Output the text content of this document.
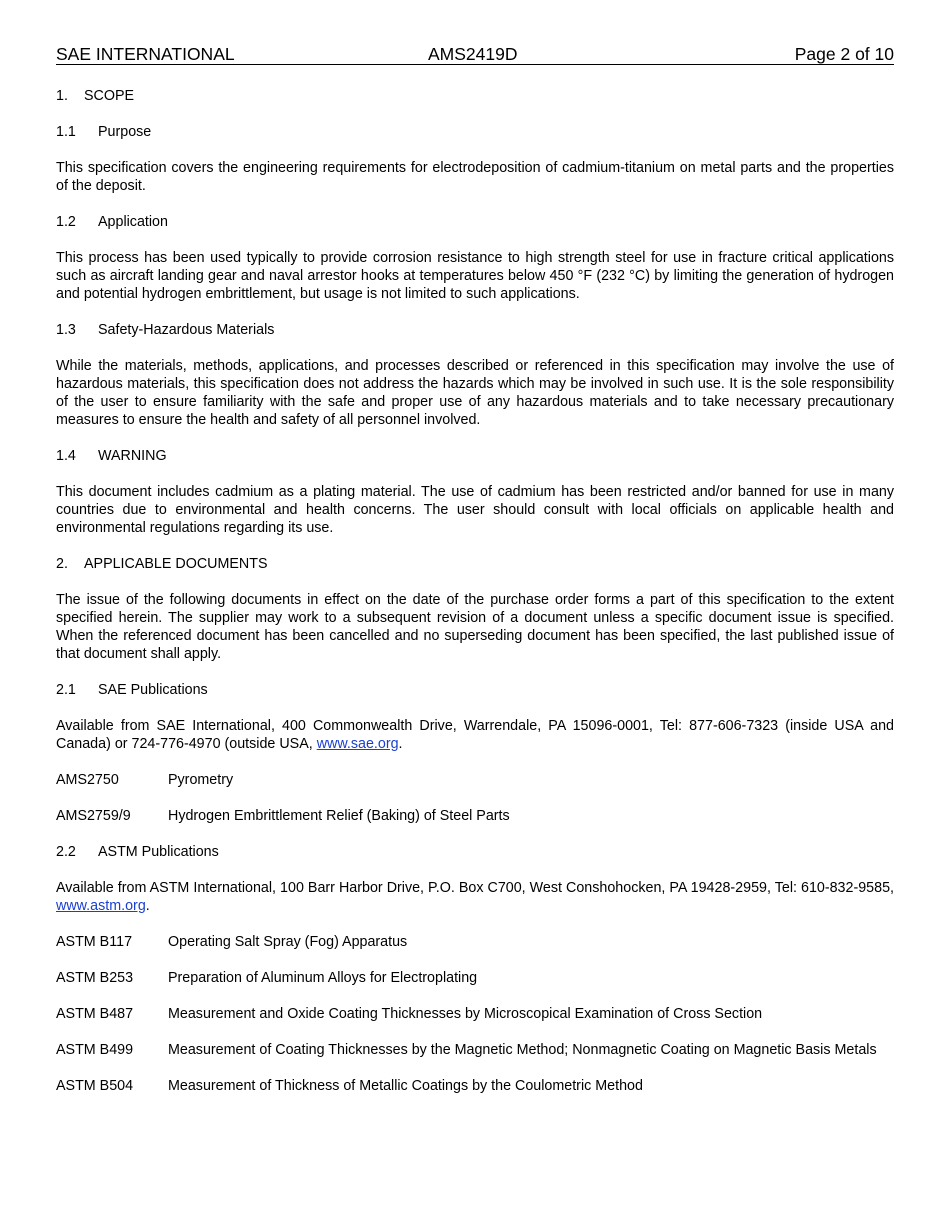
SAE INTERNATIONAL	AMS2419D	Page 2 of 10
1. SCOPE
1.1 Purpose

This specification covers the engineering requirements for electrodeposition of cadmium-titanium on metal parts and the properties of the deposit.

1.2 Application

This process has been used typically to provide corrosion resistance to high strength steel for use in fracture critical applications such as aircraft landing gear and naval arrestor hooks at temperatures below 450 °F (232 °C) by limiting the generation of hydrogen and potential hydrogen embrittlement, but usage is not limited to such applications.

1.3 Safety-Hazardous Materials

While the materials, methods, applications, and processes described or referenced in this specification may involve the use of hazardous materials, this specification does not address the hazards which may be involved in such use. It is the sole responsibility of the user to ensure familiarity with the safe and proper use of any hazardous materials and to take necessary precautionary measures to ensure the health and safety of all personnel involved.

1.4 WARNING

This document includes cadmium as a plating material. The use of cadmium has been restricted and/or banned for use in many countries due to environmental and health concerns. The user should consult with local officials on applicable health and environmental regulations regarding its use.

2. APPLICABLE DOCUMENTS

The issue of the following documents in effect on the date of the purchase order forms a part of this specification to the extent specified herein. The supplier may work to a subsequent revision of a document unless a specific document issue is specified. When the referenced document has been cancelled and no superseding document has been specified, the last published issue of that document shall apply.

2.1 SAE Publications

Available from SAE International, 400 Commonwealth Drive, Warrendale, PA 15096-0001, Tel: 877-606-7323 (inside USA and Canada) or 724-776-4970 (outside USA, www.sae.org.

AMS2750	Pyrometry
AMS2759/9	Hydrogen Embrittlement Relief (Baking) of Steel Parts
2.2 ASTM Publications

Available from ASTM International, 100 Barr Harbor Drive, P.O. Box C700, West Conshohocken, PA 19428-2959, Tel: 610-832-9585, www.astm.org.

ASTM B117	Operating Salt Spray (Fog) Apparatus
ASTM B253	Preparation of Aluminum Alloys for Electroplating
ASTM B487	Measurement and Oxide Coating Thicknesses by Microscopical Examination of Cross Section
ASTM B499	Measurement of Coating Thicknesses by the Magnetic Method; Nonmagnetic Coating on Magnetic Basis Metals
ASTM B504	Measurement of Thickness of Metallic Coatings by the Coulometric Method
